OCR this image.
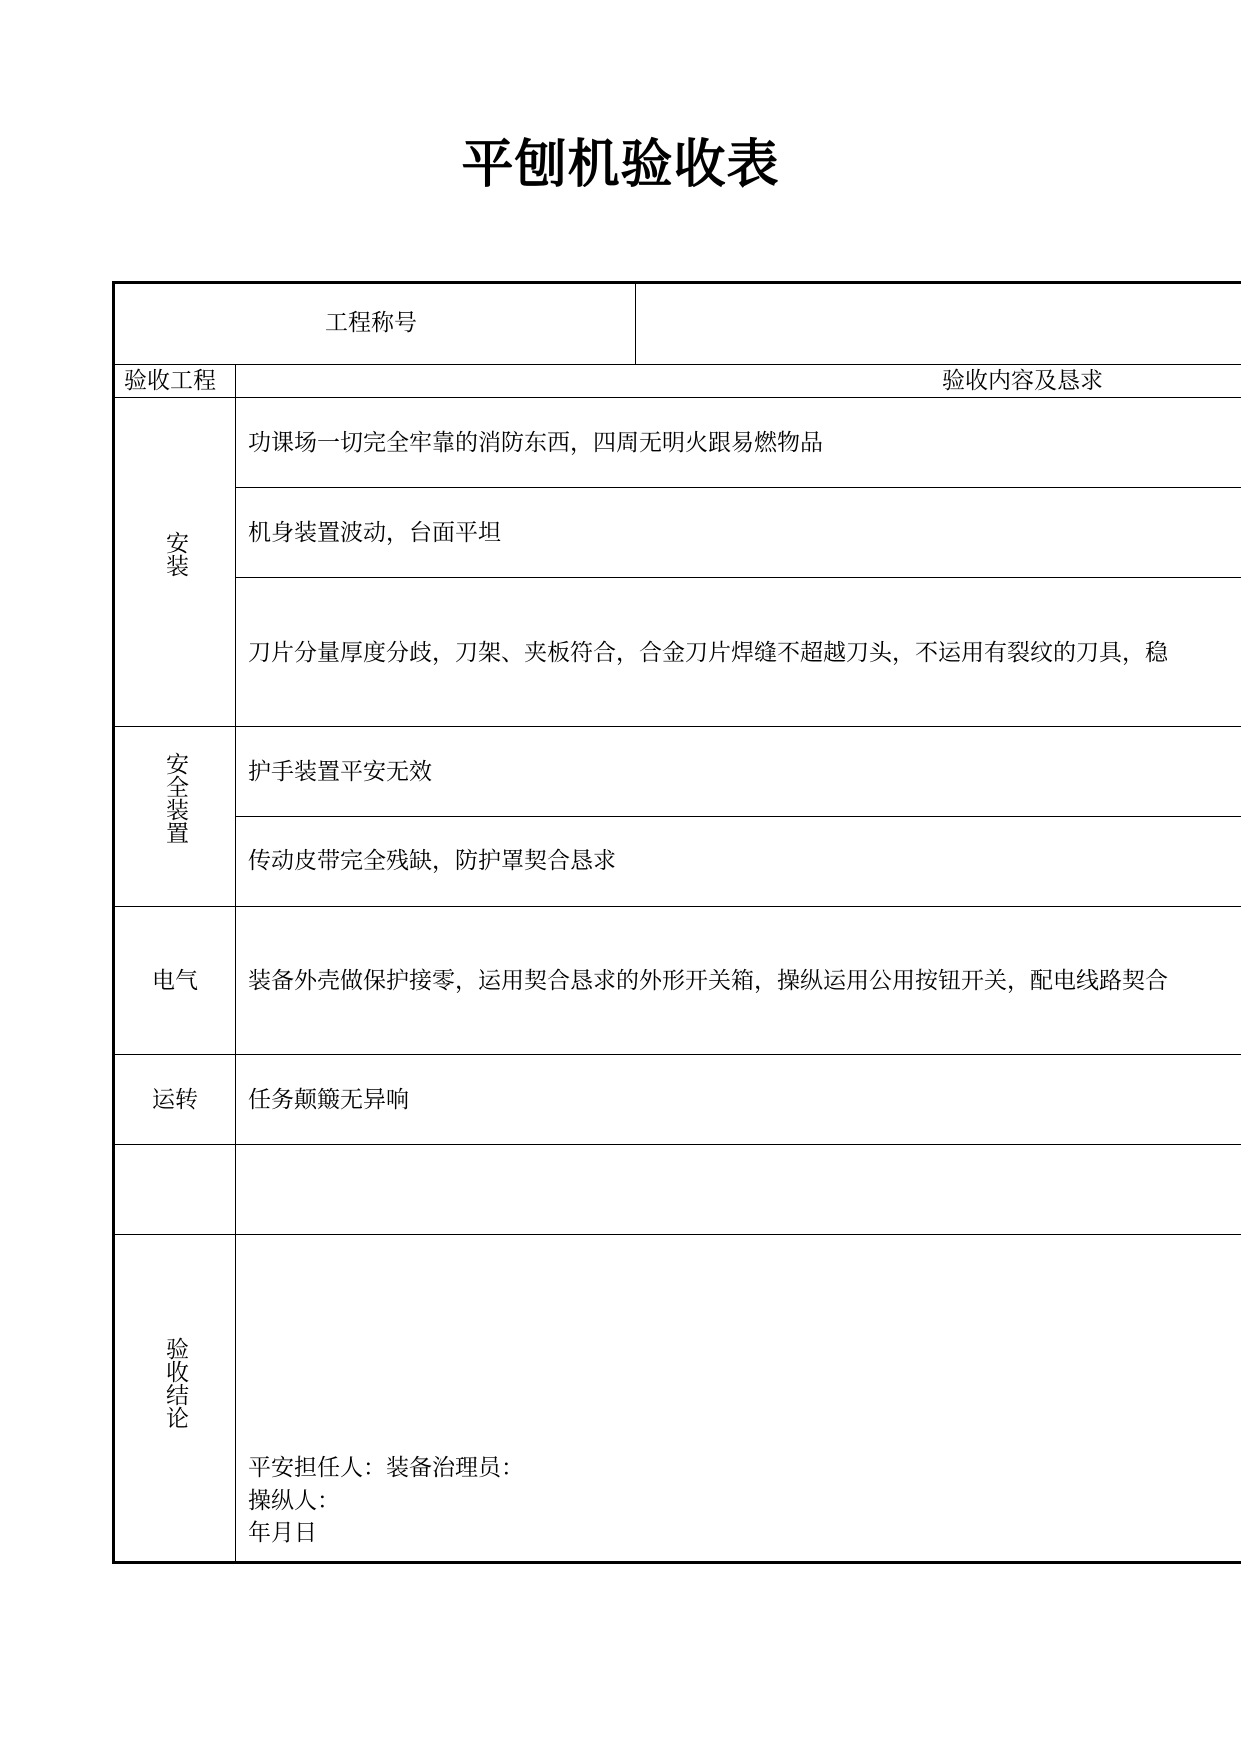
平刨机验收表
工程称号
验收工程	验收内容及恳求
安装
功课场一切完全牢靠的消防东西，四周无明火跟易燃物品
机身装置波动，台面平坦
刀片分量厚度分歧，刀架、夹板符合，合金刀片焊缝不超越刀头，不运用有裂纹的刀具，稳
安全装置	护手装置平安无效
传动皮带完全残缺，防护罩契合恳求
电气	装备外壳做保护接零，运用契合恳求的外形开关箱，操纵运用公用按钮开关，配电线路契合
运转	任务颠簸无异响
验收结论
平安担任人：装备治理员：
操纵人：
年月日
